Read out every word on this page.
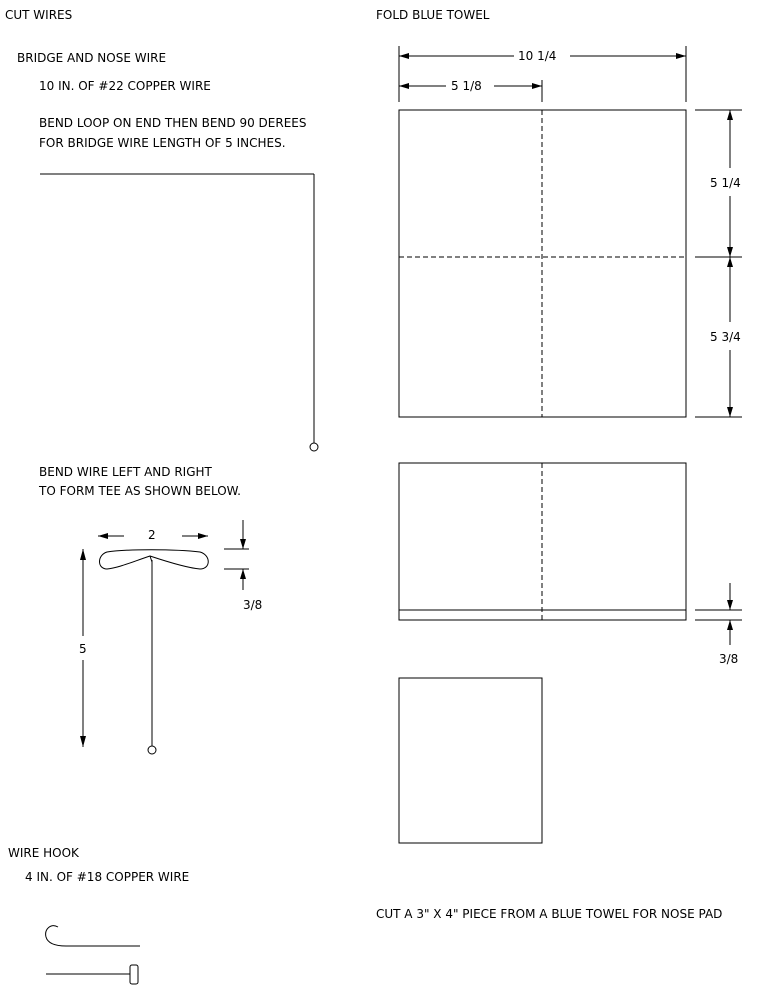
CUT WIRES	FOLD BLUE TOWEL
BRIDGE AND NOSE WIRE
10 IN. OF #22 COPPER WIRE
BEND LOOP ON END THEN BEND 90 DEREES
FOR BRIDGE WIRE LENGTH OF 5 INCHES.
BEND WIRE LEFT AND RIGHT
TO FORM TEE AS SHOWN BELOW.
2
5
3/8
10 1/4
5 1/8
5 1/4
5 3/4
3/8
CUT A 3" X 4" PIECE FROM A BLUE TOWEL FOR NOSE PAD
WIRE HOOK
4 IN. OF #18 COPPER WIRE
